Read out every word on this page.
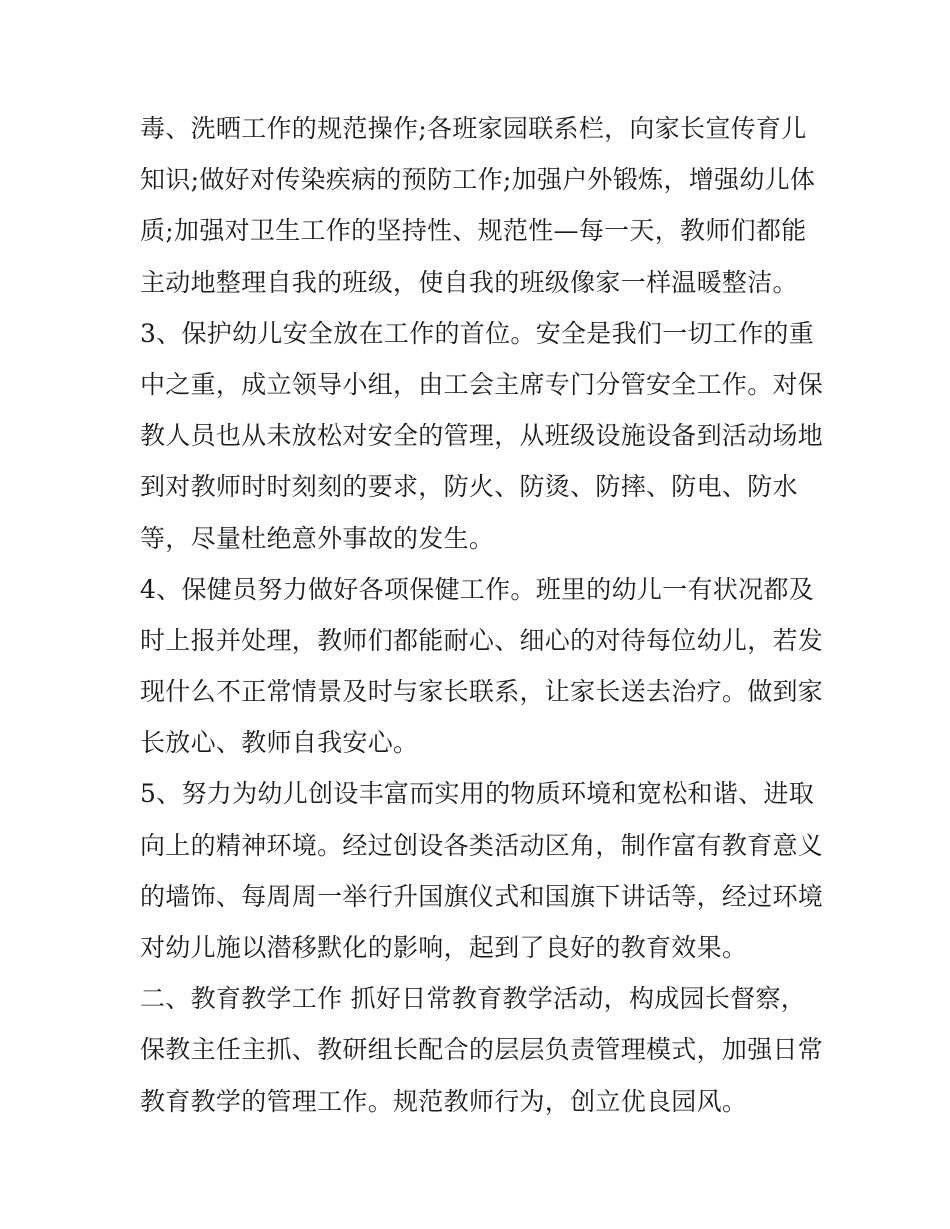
毒、洗晒工作的规范操作;各班家园联系栏，向家长宣传育儿
知识;做好对传染疾病的预防工作;加强户外锻炼，增强幼儿体
质;加强对卫生工作的坚持性、规范性—每一天，教师们都能
主动地整理自我的班级，使自我的班级像家一样温暖整洁。
3、保护幼儿安全放在工作的首位。安全是我们一切工作的重
中之重，成立领导小组，由工会主席专门分管安全工作。对保
教人员也从未放松对安全的管理，从班级设施设备到活动场地
到对教师时时刻刻的要求，防火、防烫、防摔、防电、防水
等，尽量杜绝意外事故的发生。
4、保健员努力做好各项保健工作。班里的幼儿一有状况都及
时上报并处理，教师们都能耐心、细心的对待每位幼儿，若发
现什么不正常情景及时与家长联系，让家长送去治疗。做到家
长放心、教师自我安心。
5、努力为幼儿创设丰富而实用的物质环境和宽松和谐、进取
向上的精神环境。经过创设各类活动区角，制作富有教育意义
的墙饰、每周周一举行升国旗仪式和国旗下讲话等，经过环境
对幼儿施以潜移默化的影响，起到了良好的教育效果。
二、教育教学工作 抓好日常教育教学活动，构成园长督察，
保教主任主抓、教研组长配合的层层负责管理模式，加强日常
教育教学的管理工作。规范教师行为，创立优良园风。
